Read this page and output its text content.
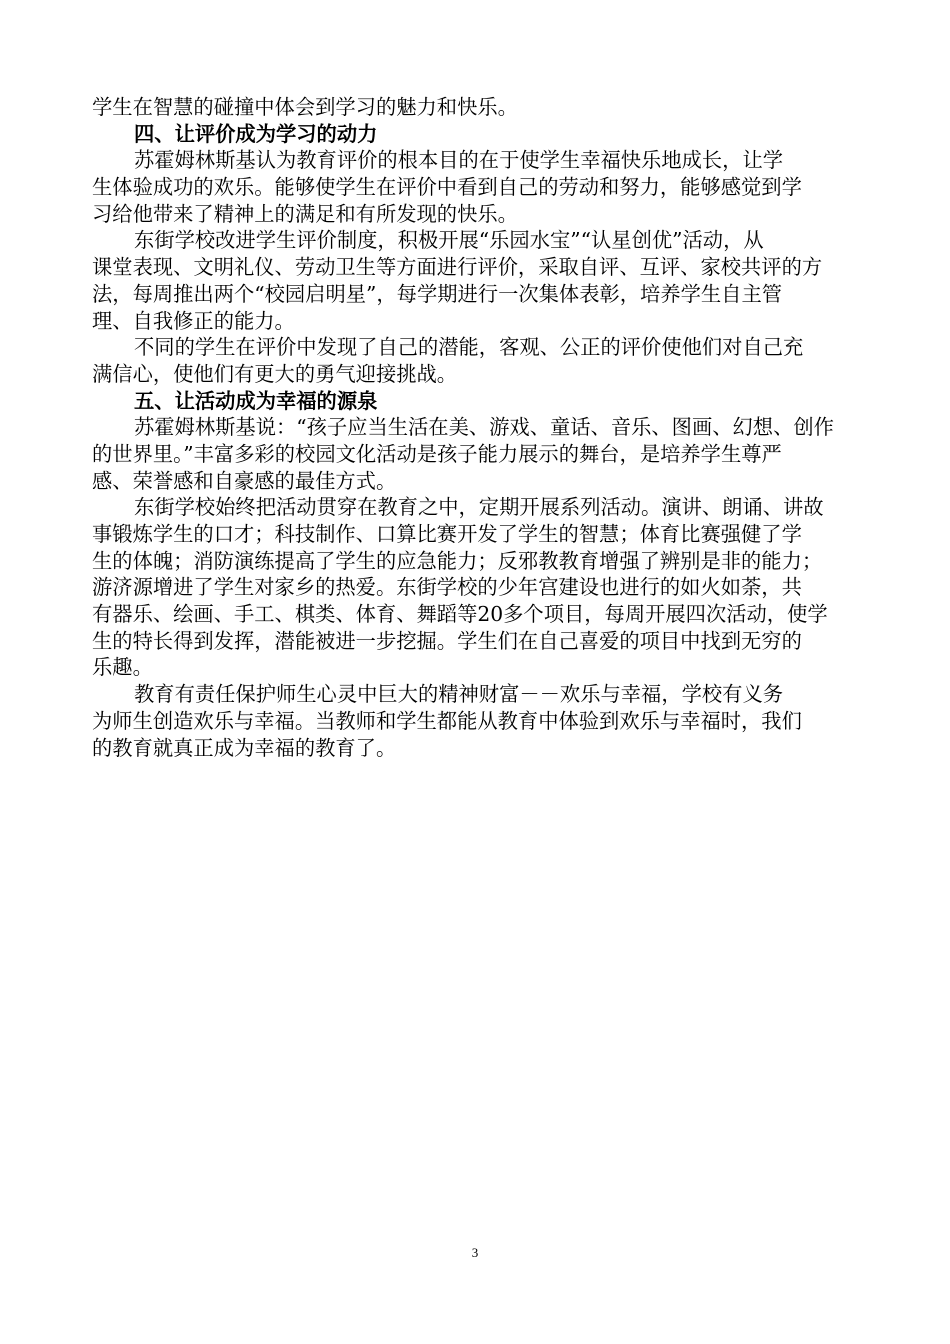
学生在智慧的碰撞中体会到学习的魅力和快乐。
四、让评价成为学习的动力
苏霍姆林斯基认为教育评价的根本目的在于使学生幸福快乐地成长，让学
生体验成功的欢乐。能够使学生在评价中看到自己的劳动和努力，能够感觉到学
习给他带来了精神上的满足和有所发现的快乐。
东街学校改进学生评价制度，积极开展“乐园水宝”“认星创优”活动，从
课堂表现、文明礼仪、劳动卫生等方面进行评价，采取自评、互评、家校共评的方
法，每周推出两个“校园启明星”，每学期进行一次集体表彰，培养学生自主管
理、自我修正的能力。
不同的学生在评价中发现了自己的潜能，客观、公正的评价使他们对自己充
满信心，使他们有更大的勇气迎接挑战。
五、让活动成为幸福的源泉
苏霍姆林斯基说：“孩子应当生活在美、游戏、童话、音乐、图画、幻想、创作
的世界里。”丰富多彩的校园文化活动是孩子能力展示的舞台，是培养学生尊严
感、荣誉感和自豪感的最佳方式。
东街学校始终把活动贯穿在教育之中，定期开展系列活动。演讲、朗诵、讲故
事锻炼学生的口才；科技制作、口算比赛开发了学生的智慧；体育比赛强健了学
生的体魄；消防演练提高了学生的应急能力；反邪教教育增强了辨别是非的能力；
游济源增进了学生对家乡的热爱。东街学校的少年宫建设也进行的如火如荼，共
有器乐、绘画、手工、棋类、体育、舞蹈等20多个项目，每周开展四次活动，使学
生的特长得到发挥，潜能被进一步挖掘。学生们在自己喜爱的项目中找到无穷的
乐趣。
教育有责任保护师生心灵中巨大的精神财富－－欢乐与幸福，学校有义务
为师生创造欢乐与幸福。当教师和学生都能从教育中体验到欢乐与幸福时，我们
的教育就真正成为幸福的教育了。
3
